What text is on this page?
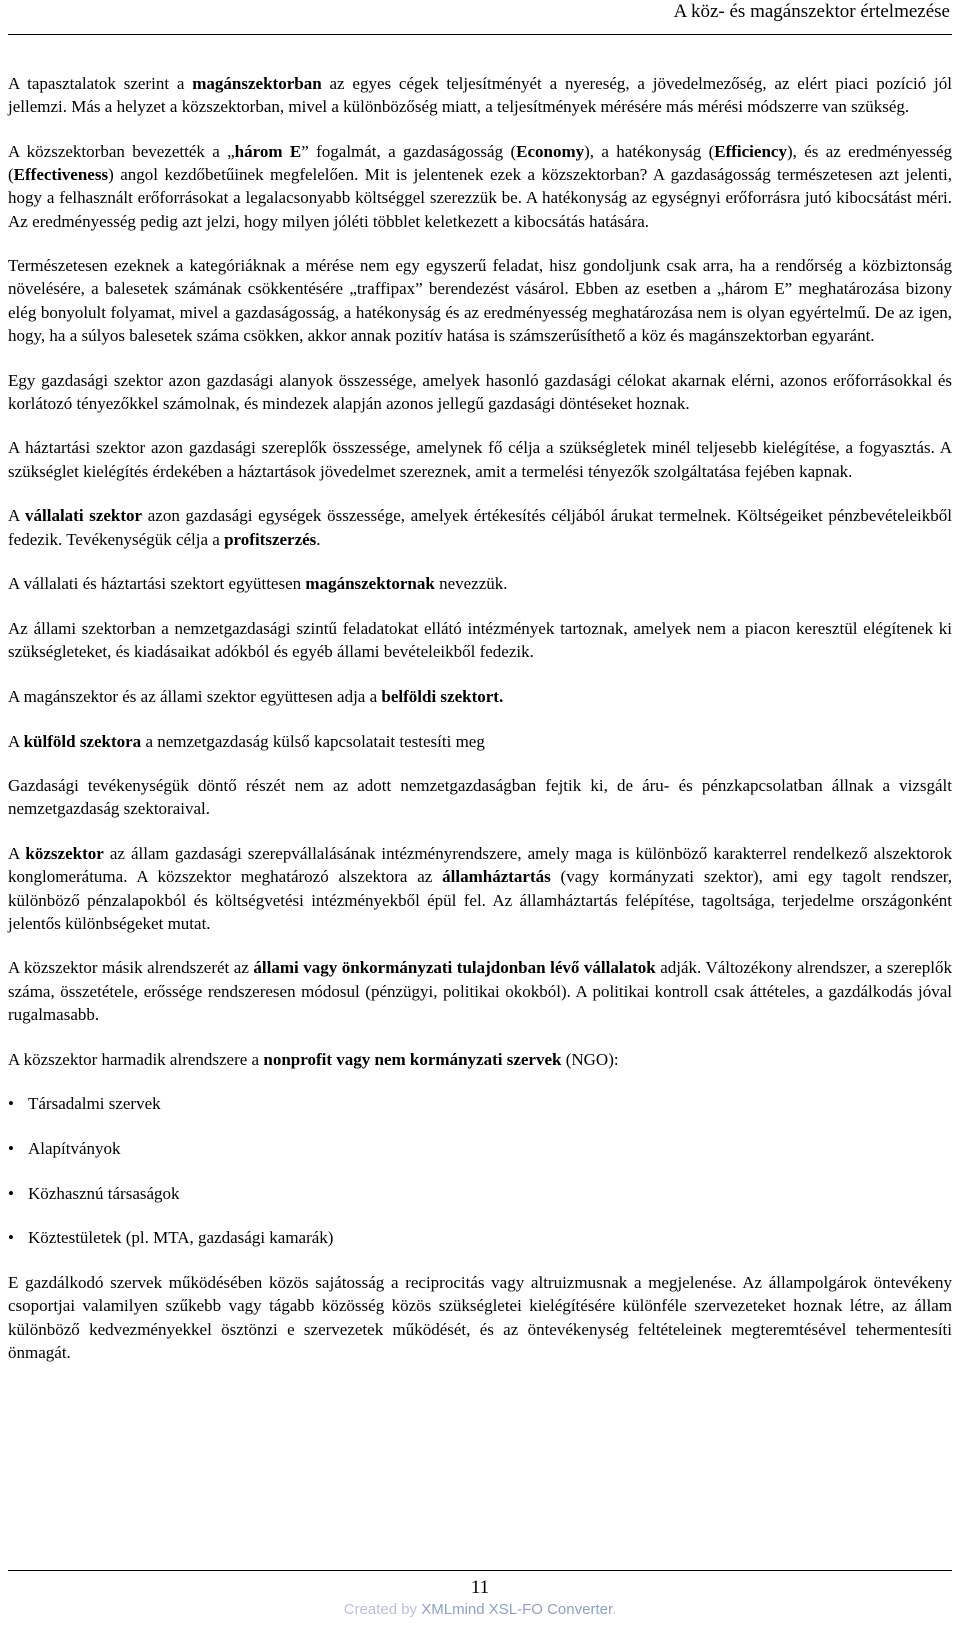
A köz- és magánszektor értelmezése

A tapasztalatok szerint a magánszektorban az egyes cégek teljesítményét a nyereség, a jövedelmezőség, az elért piaci pozíció jól jellemzi. Más a helyzet a közszektorban, mivel a különbözőség miatt, a teljesítmények mérésére más mérési módszerre van szükség.

A közszektorban bevezették a „három E” fogalmát, a gazdaságosság (Economy), a hatékonyság (Efficiency), és az eredményesség (Effectiveness) angol kezdőbetűinek megfelelően. Mit is jelentenek ezek a közszektorban? A gazdaságosság természetesen azt jelenti, hogy a felhasznált erőforrásokat a legalacsonyabb költséggel szerezzük be. A hatékonyság az egységnyi erőforrásra jutó kibocsátást méri. Az eredményesség pedig azt jelzi, hogy milyen jóléti többlet keletkezett a kibocsátás hatására.

Természetesen ezeknek a kategóriáknak a mérése nem egy egyszerű feladat, hisz gondoljunk csak arra, ha a rendőrség a közbiztonság növelésére, a balesetek számának csökkentésére „traffipax” berendezést vásárol. Ebben az esetben a „három E” meghatározása bizony elég bonyolult folyamat, mivel a gazdaságosság, a hatékonyság és az eredményesség meghatározása nem is olyan egyértelmű. De az igen, hogy, ha a súlyos balesetek száma csökken, akkor annak pozitív hatása is számszerűsíthető a köz és magánszektorban egyaránt.

Egy gazdasági szektor azon gazdasági alanyok összessége, amelyek hasonló gazdasági célokat akarnak elérni, azonos erőforrásokkal és korlátozó tényezőkkel számolnak, és mindezek alapján azonos jellegű gazdasági döntéseket hoznak.

A háztartási szektor azon gazdasági szereplők összessége, amelynek fő célja a szükségletek minél teljesebb kielégítése, a fogyasztás. A szükséglet kielégítés érdekében a háztartások jövedelmet szereznek, amit a termelési tényezők szolgáltatása fejében kapnak.

A vállalati szektor azon gazdasági egységek összessége, amelyek értékesítés céljából árukat termelnek. Költségeiket pénzbevételeikből fedezik. Tevékenységük célja a profitszerzés.

A vállalati és háztartási szektort együttesen magánszektornak nevezzük.

Az állami szektorban a nemzetgazdasági szintű feladatokat ellátó intézmények tartoznak, amelyek nem a piacon keresztül elégítenek ki szükségleteket, és kiadásaikat adókból és egyéb állami bevételeikből fedezik.

A magánszektor és az állami szektor együttesen adja a belföldi szektort.

A külföld szektora a nemzetgazdaság külső kapcsolatait testesíti meg

Gazdasági tevékenységük döntő részét nem az adott nemzetgazdaságban fejtik ki, de áru- és pénzkapcsolatban állnak a vizsgált nemzetgazdaság szektoraival.

A közszektor az állam gazdasági szerepvállalásának intézményrendszere, amely maga is különböző karakterrel rendelkező alszektorok konglomerátuma. A közszektor meghatározó alszektora az államháztartás (vagy kormányzati szektor), ami egy tagolt rendszer, különböző pénzalapokból és költségvetési intézményekből épül fel. Az államháztartás felépítése, tagoltsága, terjedelme országonként jelentős különbségeket mutat.

A közszektor másik alrendszerét az állami vagy önkormányzati tulajdonban lévő vállalatok adják. Változékony alrendszer, a szereplők száma, összetétele, erőssége rendszeresen módosul (pénzügyi, politikai okokból). A politikai kontroll csak áttételes, a gazdálkodás jóval rugalmasabb.

A közszektor harmadik alrendszere a nonprofit vagy nem kormányzati szervek (NGO):

• Társadalmi szervek
• Alapítványok
• Közhasznú társaságok
• Köztestületek (pl. MTA, gazdasági kamarák)

E gazdálkodó szervek működésében közös sajátosság a reciprocitás vagy altruizmusnak a megjelenése. Az állampolgárok öntevékeny csoportjai valamilyen szűkebb vagy tágabb közösség közös szükségletei kielégítésére különféle szervezeteket hoznak létre, az állam különböző kedvezményekkel ösztönzi e szervezetek működését, és az öntevékenység feltételeinek megteremtésével tehermentesíti önmagát.

11
Created by XMLmind XSL-FO Converter.
